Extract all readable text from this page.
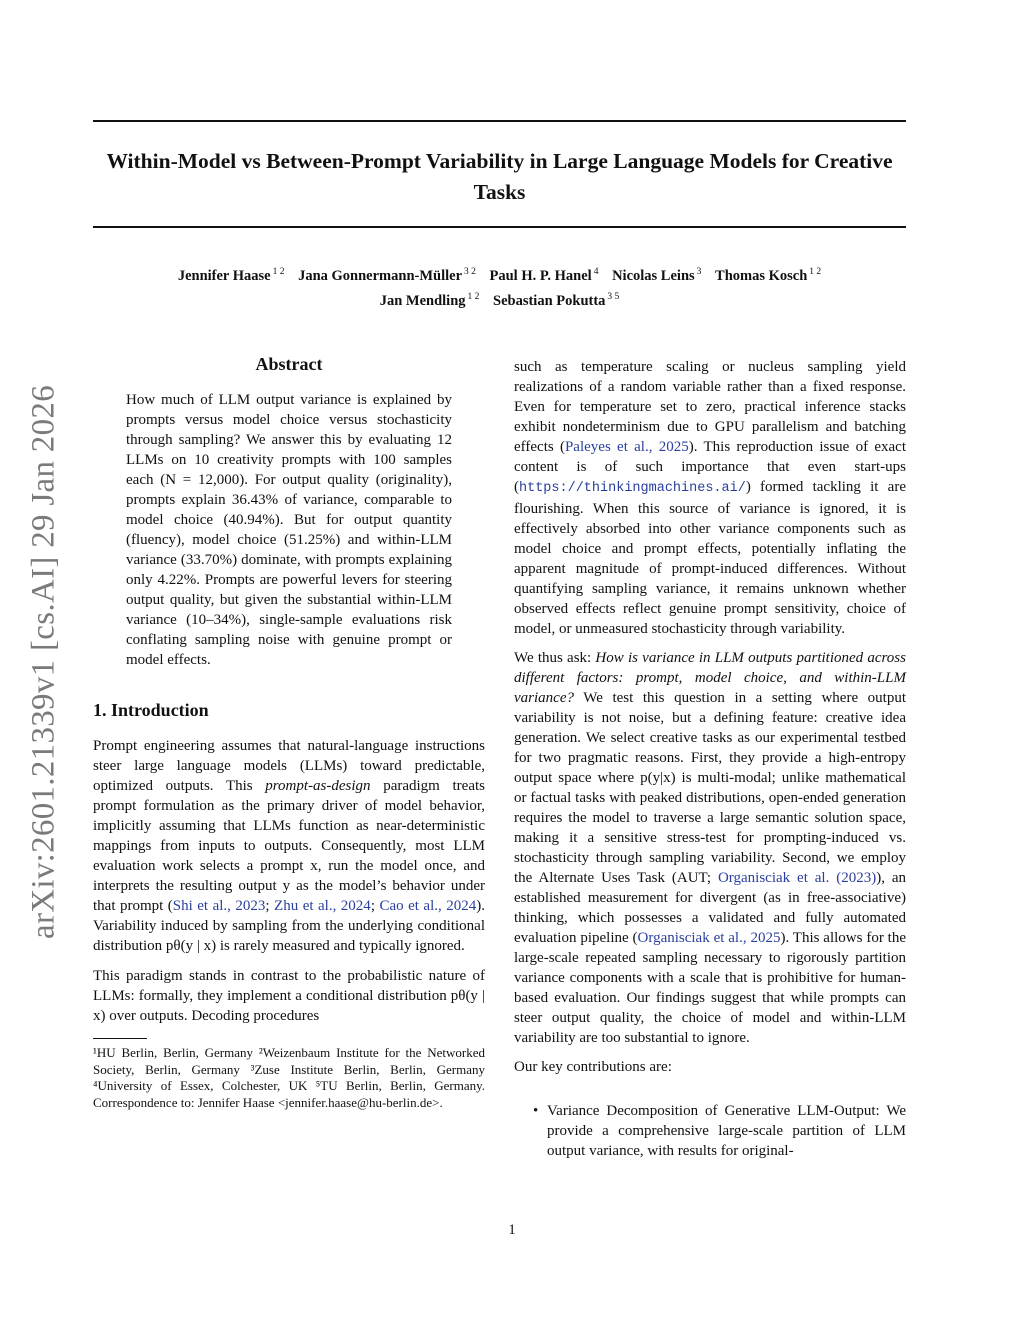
Within-Model vs Between-Prompt Variability in Large Language Models for Creative Tasks
Jennifer Haase $^{1 2}$ Jana Gonnermann-Müller $^{3 2}$ Paul H. P. Hanel $^4$ Nicolas Leins $^3$ Thomas Kosch $^{1 2}$
Jan Mendling $^{1 2}$ Sebastian Pokutta $^{3 5}$
arXiv:2601.21339v1 [cs.AI] 29 Jan 2026
Abstract
How much of LLM output variance is explained by prompts versus model choice versus stochasticity through sampling? We answer this by evaluating 12 LLMs on 10 creativity prompts with 100 samples each (N = 12,000). For output quality (originality), prompts explain 36.43% of variance, comparable to model choice (40.94%). But for output quantity (fluency), model choice (51.25%) and within-LLM variance (33.70%) dominate, with prompts explaining only 4.22%. Prompts are powerful levers for steering output quality, but given the substantial within-LLM variance (10–34%), single-sample evaluations risk conflating sampling noise with genuine prompt or model effects.
1. Introduction

Prompt engineering assumes that natural-language instructions steer large language models (LLMs) toward predictable, optimized outputs. This prompt-as-design paradigm treats prompt formulation as the primary driver of model behavior, implicitly assuming that LLMs function as near-deterministic mappings from inputs to outputs. Consequently, most LLM evaluation work selects a prompt x, run the model once, and interprets the resulting output y as the model’s behavior under that prompt (Shi et al., 2023; Zhu et al., 2024; Cao et al., 2024). Variability induced by sampling from the underlying conditional distribution pθ(y | x) is rarely measured and typically ignored.

This paradigm stands in contrast to the probabilistic nature of LLMs: formally, they implement a conditional distribution pθ(y | x) over outputs. Decoding procedures

¹HU Berlin, Berlin, Germany ²Weizenbaum Institute for the Networked Society, Berlin, Germany ³Zuse Institute Berlin, Berlin, Germany ⁴University of Essex, Colchester, UK ⁵TU Berlin, Berlin, Germany. Correspondence to: Jennifer Haase <jennifer.haase@hu-berlin.de>.

such as temperature scaling or nucleus sampling yield realizations of a random variable rather than a fixed response. Even for temperature set to zero, practical inference stacks exhibit nondeterminism due to GPU parallelism and batching effects (Paleyes et al., 2025). This reproduction issue of exact content is of such importance that even start-ups (https://thinkingmachines.ai/) formed tackling it are flourishing. When this source of variance is ignored, it is effectively absorbed into other variance components such as model choice and prompt effects, potentially inflating the apparent magnitude of prompt-induced differences. Without quantifying sampling variance, it remains unknown whether observed effects reflect genuine prompt sensitivity, choice of model, or unmeasured stochasticity through variability.

We thus ask: How is variance in LLM outputs partitioned across different factors: prompt, model choice, and within-LLM variance? We test this question in a setting where output variability is not noise, but a defining feature: creative idea generation. We select creative tasks as our experimental testbed for two pragmatic reasons. First, they provide a high-entropy output space where p(y|x) is multi-modal; unlike mathematical or factual tasks with peaked distributions, open-ended generation requires the model to traverse a large semantic solution space, making it a sensitive stress-test for prompting-induced vs. stochasticity through sampling variability. Second, we employ the Alternate Uses Task (AUT; Organisciak et al. (2023)), an established measurement for divergent (as in free-associative) thinking, which possesses a validated and fully automated evaluation pipeline (Organisciak et al., 2025). This allows for the large-scale repeated sampling necessary to rigorously partition variance components with a scale that is prohibitive for human-based evaluation. Our findings suggest that while prompts can steer output quality, the choice of model and within-LLM variability are too substantial to ignore.

Our key contributions are:

• Variance Decomposition of Generative LLM-Output: We provide a comprehensive large-scale partition of LLM output variance, with results for original-
1
